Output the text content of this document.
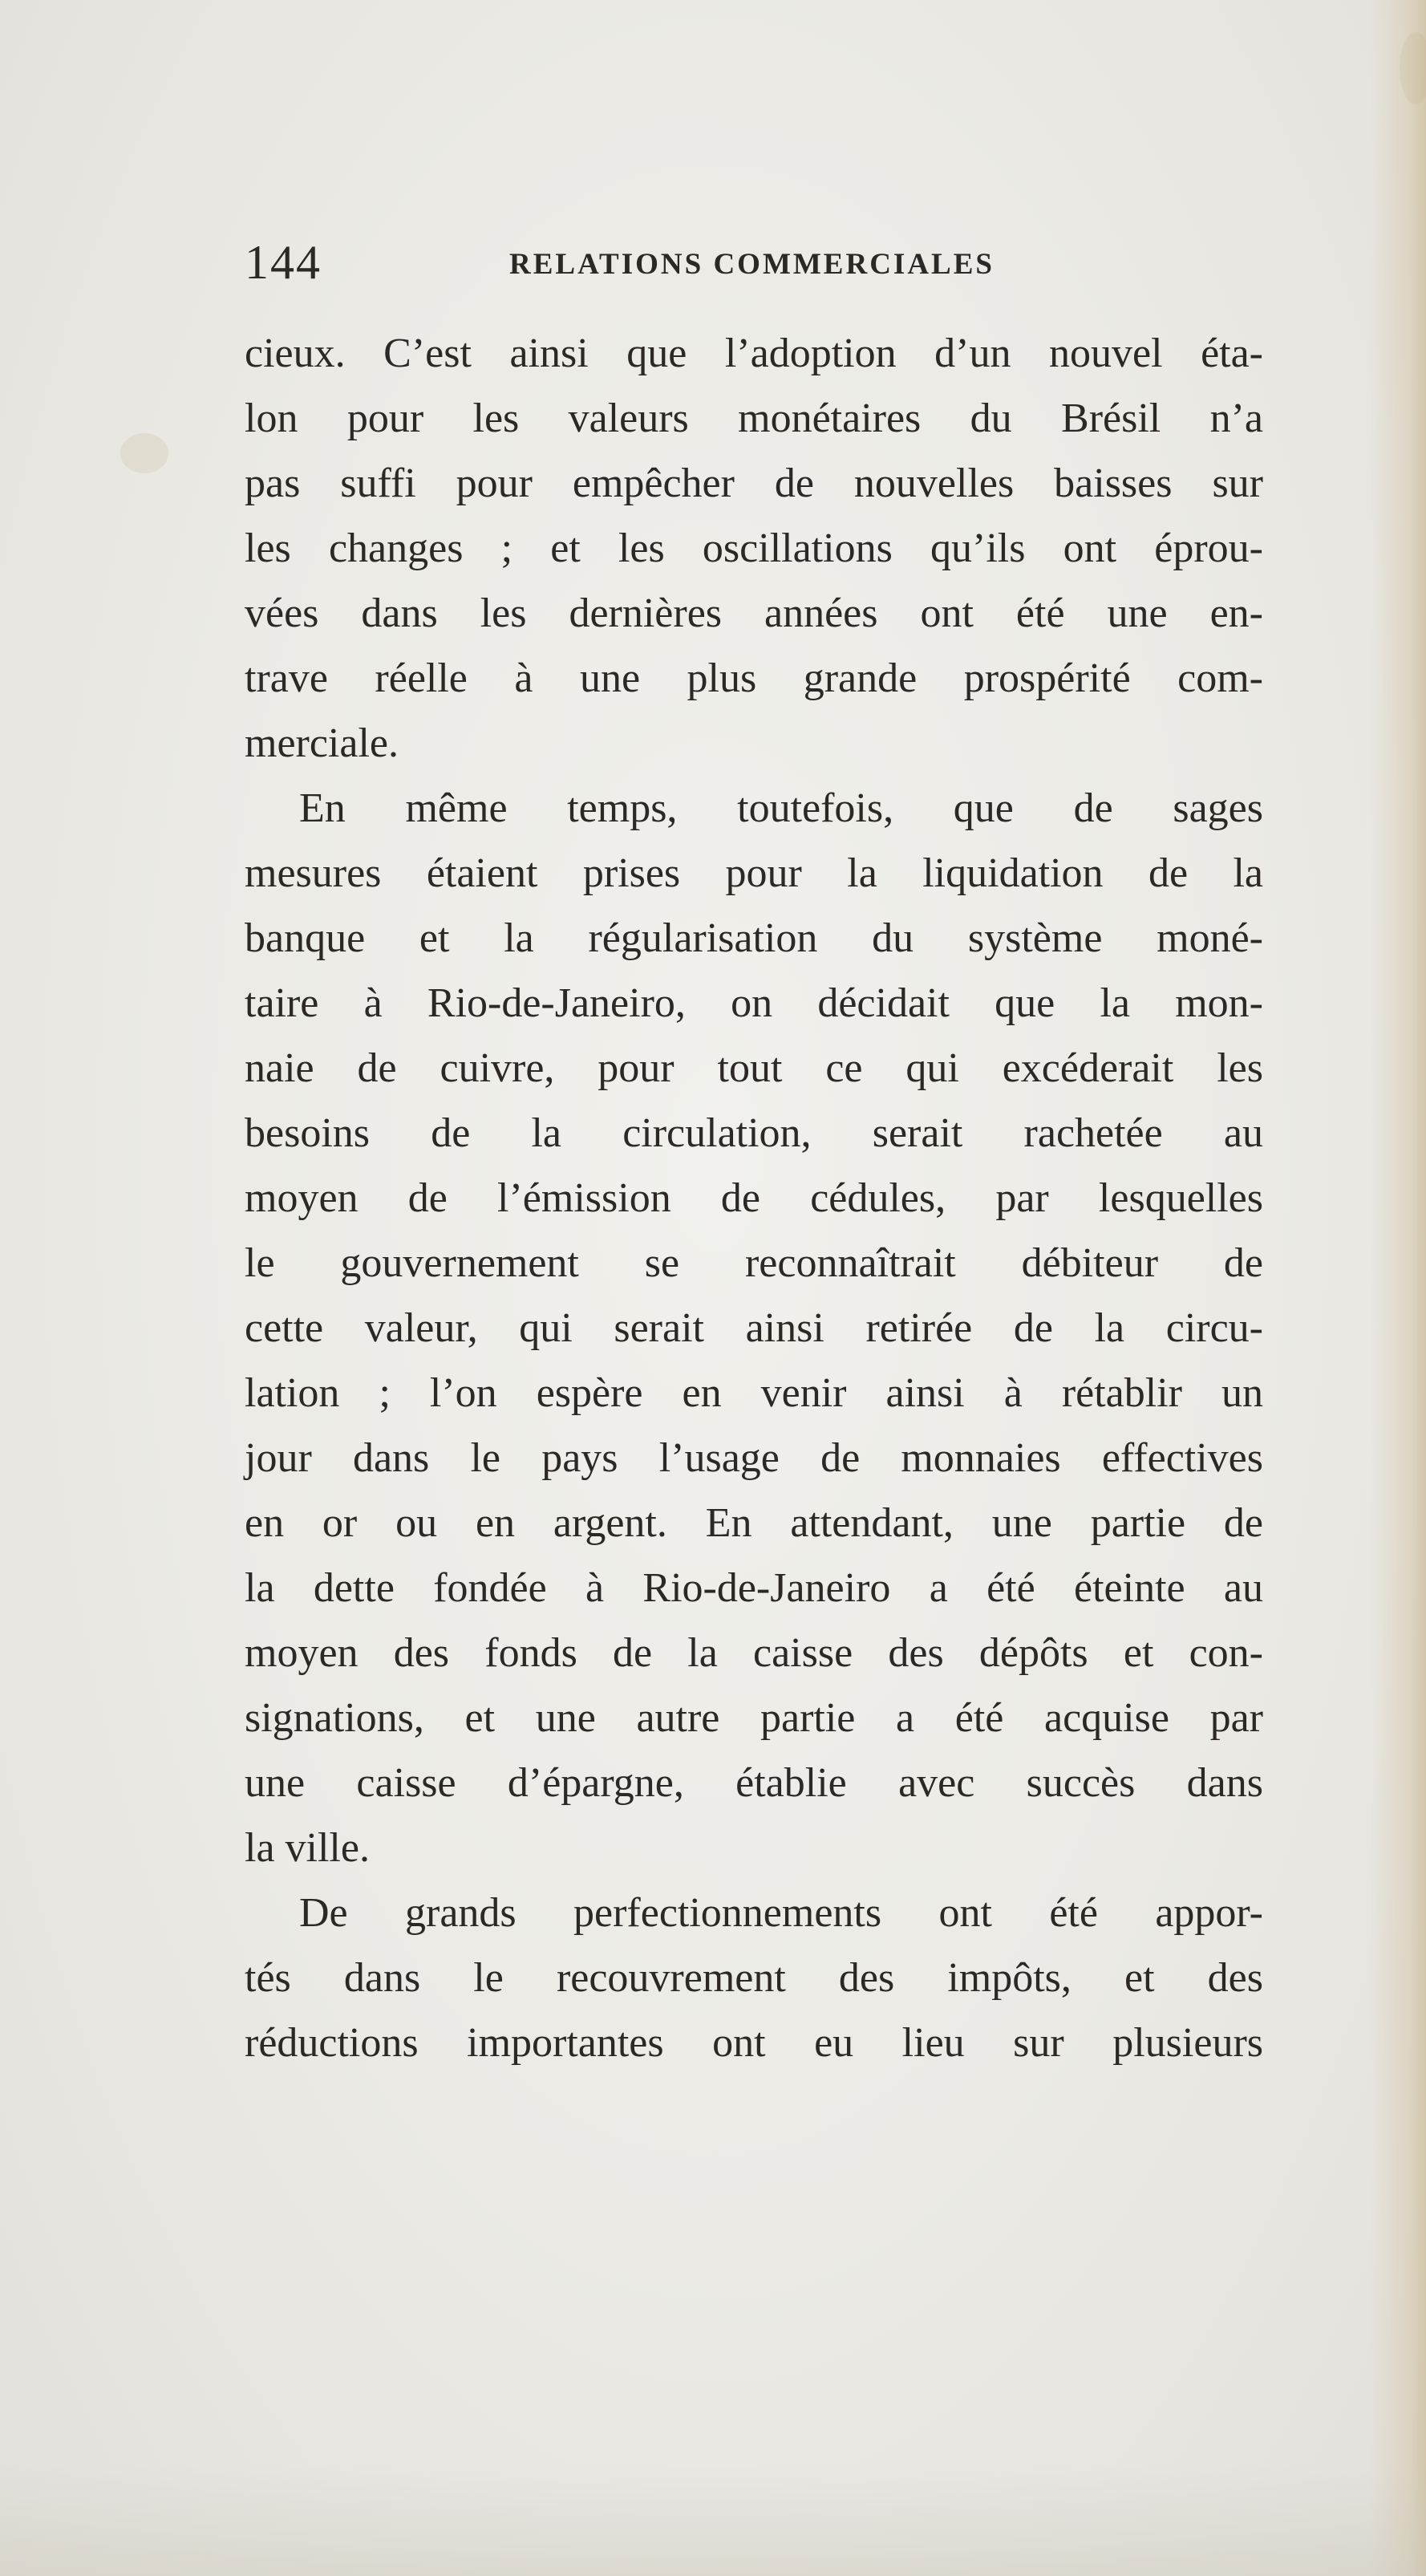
144	RELATIONS COMMERCIALES
cieux. C’est ainsi que l’adoption d’un nouvel éta-
lon pour les valeurs monétaires du Brésil n’a
pas suffi pour empêcher de nouvelles baisses sur
les changes ; et les oscillations qu’ils ont éprou-
vées dans les dernières années ont été une en-
trave réelle à une plus grande prospérité com-
merciale.
En même temps, toutefois, que de sages
mesures étaient prises pour la liquidation de la
banque et la régularisation du système moné-
taire à Rio-de-Janeiro, on décidait que la mon-
naie de cuivre, pour tout ce qui excéderait les
besoins de la circulation, serait rachetée au
moyen de l’émission de cédules, par lesquelles
le gouvernement se reconnaîtrait débiteur de
cette valeur, qui serait ainsi retirée de la circu-
lation ; l’on espère en venir ainsi à rétablir un
jour dans le pays l’usage de monnaies effectives
en or ou en argent. En attendant, une partie de
la dette fondée à Rio-de-Janeiro a été éteinte au
moyen des fonds de la caisse des dépôts et con-
signations, et une autre partie a été acquise par
une caisse d’épargne, établie avec succès dans
la ville.
De grands perfectionnements ont été appor-
tés dans le recouvrement des impôts, et des
réductions importantes ont eu lieu sur plusieurs
